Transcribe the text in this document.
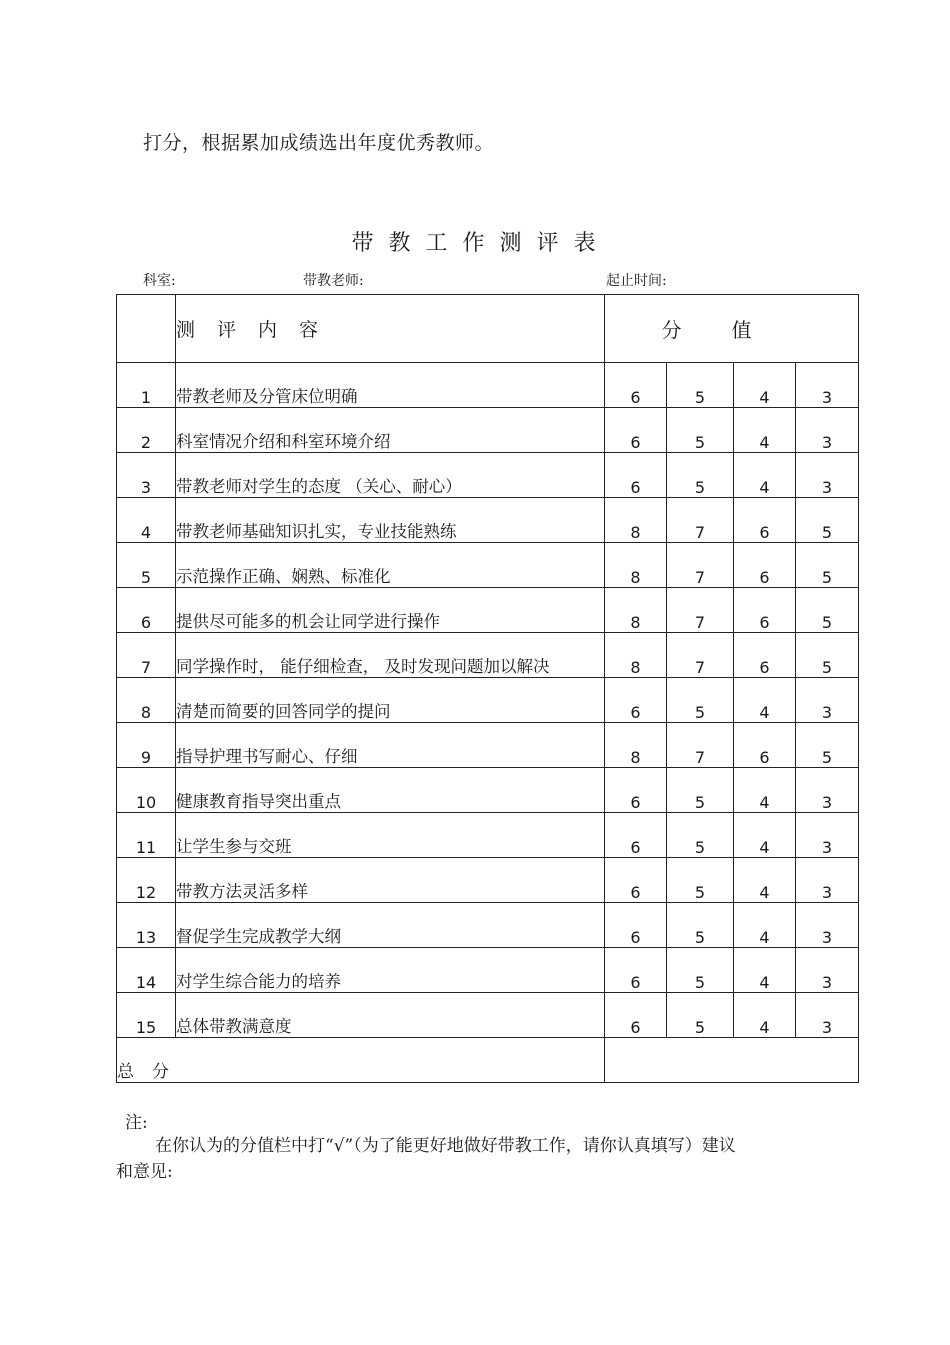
打分，根据累加成绩选出年度优秀教师。
带教工作测评表
科室:	带教老师:	起止时间:
	测评内容	分值			
1	带教老师及分管床位明确	6	5	4	3
2	科室情况介绍和科室环境介绍	6	5	4	3
3	带教老师对学生的态度 （关心、耐心）	6	5	4	3
4	带教老师基础知识扎实，专业技能熟练	8	7	6	5
5	示范操作正确、娴熟、标准化	8	7	6	5
6	提供尽可能多的机会让同学进行操作	8	7	6	5
7	同学操作时， 能仔细检查， 及时发现问题加以解决	8	7	6	5
8	清楚而简要的回答同学的提问	6	5	4	3
9	指导护理书写耐心、仔细	8	7	6	5
10	健康教育指导突出重点	6	5	4	3
11	让学生参与交班	6	5	4	3
12	带教方法灵活多样	6	5	4	3
13	督促学生完成教学大纲	6	5	4	3
14	对学生综合能力的培养	6	5	4	3
15	总体带教满意度	6	5	4	3
总分					
注:
在你认为的分值栏中打“√”（为了能更好地做好带教工作，请你认真填写）建议
和意见:
